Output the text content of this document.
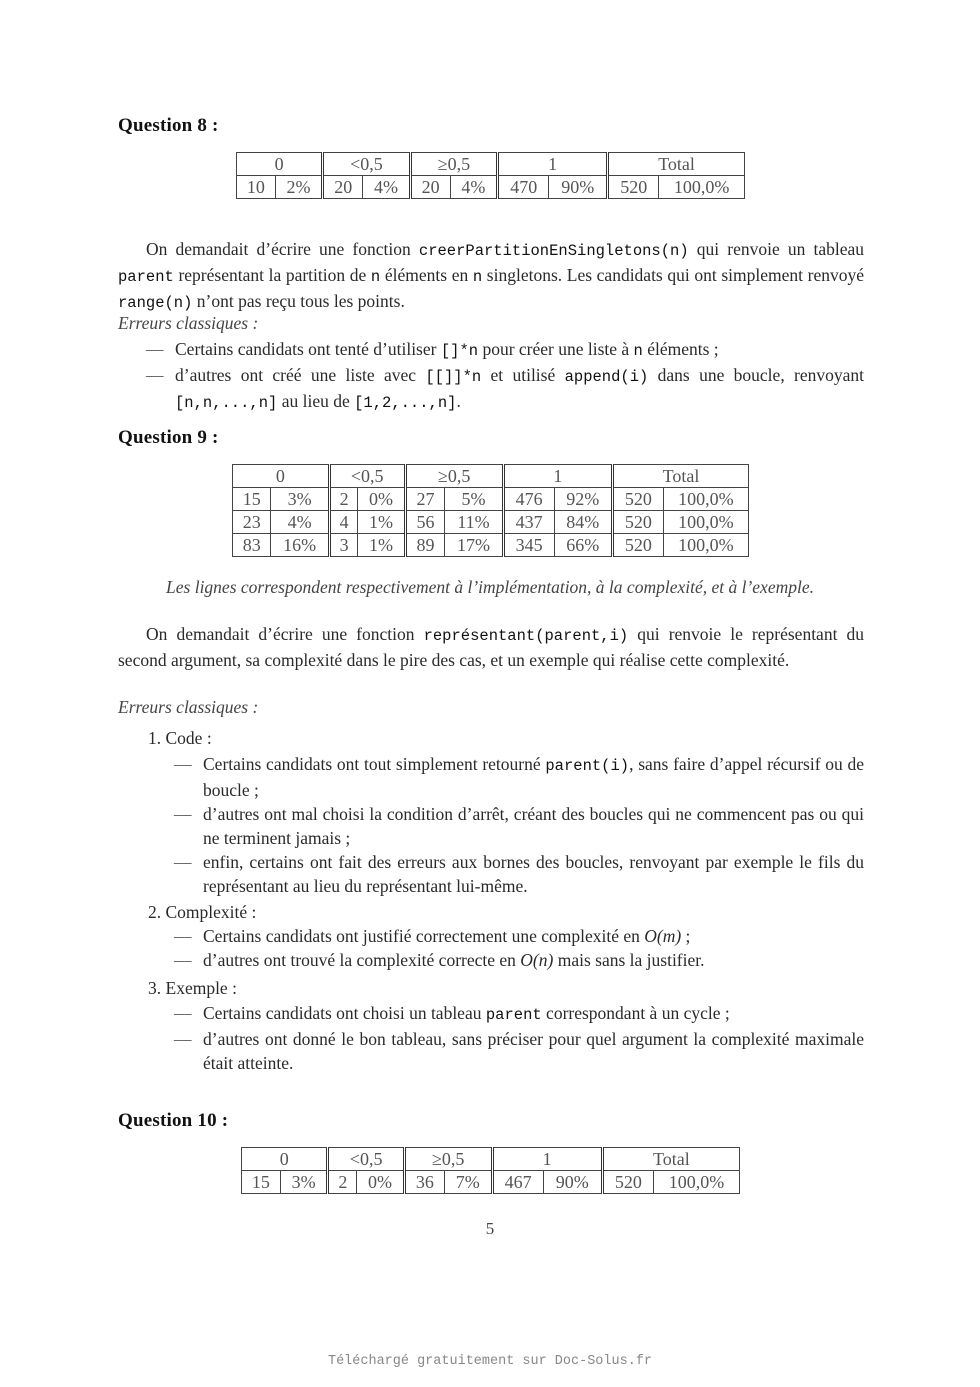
Question 8 :
0		<0,5		≥0,5		1		Total	
10	2%	20	4%	20	4%	470	90%	520	100,0%
On demandait d’écrire une fonction creerPartitionEnSingletons(n) qui renvoie un tableau parent représentant la partition de n éléments en n singletons. Les candidats qui ont simplement renvoyé range(n) n’ont pas reçu tous les points.
Erreurs classiques :
— Certains candidats ont tenté d’utiliser []*n pour créer une liste à n éléments ;
— d’autres ont créé une liste avec [[]]*n et utilisé append(i) dans une boucle, renvoyant [n,n,...,n] au lieu de [1,2,...,n].
Question 9 :
0		<0,5		≥0,5		1		Total	
15	3%	2	0%	27	5%	476	92%	520	100,0%
23	4%	4	1%	56	11%	437	84%	520	100,0%
83	16%	3	1%	89	17%	345	66%	520	100,0%
Les lignes correspondent respectivement à l’implémentation, à la complexité, et à l’exemple.
On demandait d’écrire une fonction représentant(parent,i) qui renvoie le représentant du second argument, sa complexité dans le pire des cas, et un exemple qui réalise cette complexité.
Erreurs classiques :
1. Code :
— Certains candidats ont tout simplement retourné parent(i), sans faire d’appel récursif ou de boucle ;
— d’autres ont mal choisi la condition d’arrêt, créant des boucles qui ne commencent pas ou qui ne terminent jamais ;
— enfin, certains ont fait des erreurs aux bornes des boucles, renvoyant par exemple le fils du représentant au lieu du représentant lui-même.
2. Complexité :
— Certains candidats ont justifié correctement une complexité en O(m) ;
— d’autres ont trouvé la complexité correcte en O(n) mais sans la justifier.
3. Exemple :
— Certains candidats ont choisi un tableau parent correspondant à un cycle ;
— d’autres ont donné le bon tableau, sans préciser pour quel argument la complexité maximale était atteinte.
Question 10 :
0		<0,5		≥0,5		1		Total	
15	3%	2	0%	36	7%	467	90%	520	100,0%
5
Téléchargé gratuitement sur Doc-Solus.fr
